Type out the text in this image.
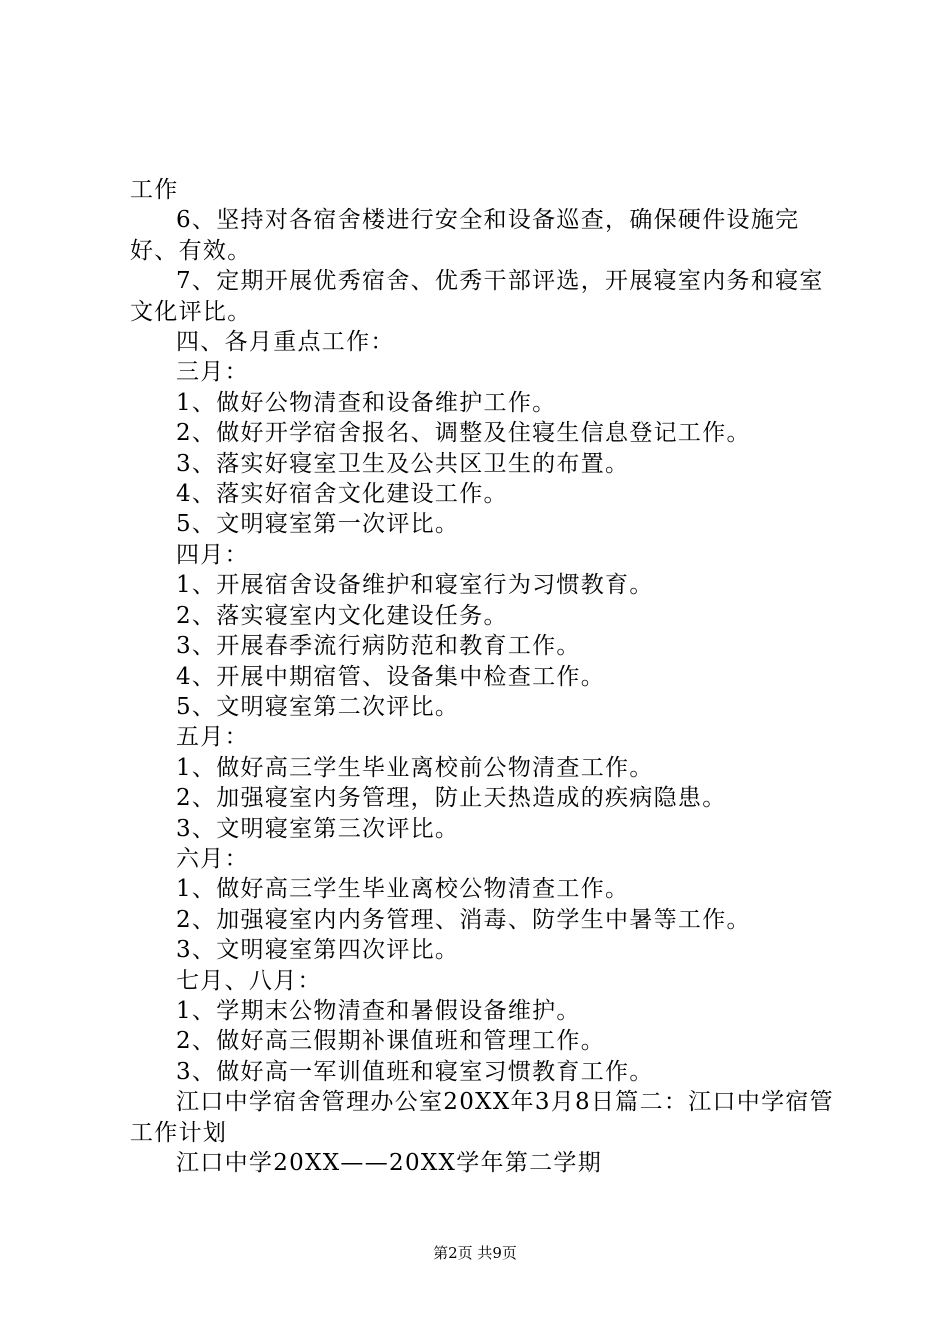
工作

6、坚持对各宿舍楼进行安全和设备巡查，确保硬件设施完好、有效。

7、定期开展优秀宿舍、优秀干部评选，开展寝室内务和寝室文化评比。

四、各月重点工作：

三月：

1、做好公物清查和设备维护工作。

2、做好开学宿舍报名、调整及住寝生信息登记工作。

3、落实好寝室卫生及公共区卫生的布置。

4、落实好宿舍文化建设工作。

5、文明寝室第一次评比。

四月：

1、开展宿舍设备维护和寝室行为习惯教育。

2、落实寝室内文化建设任务。

3、开展春季流行病防范和教育工作。

4、开展中期宿管、设备集中检查工作。

5、文明寝室第二次评比。

五月：

1、做好高三学生毕业离校前公物清查工作。

2、加强寝室内务管理，防止天热造成的疾病隐患。

3、文明寝室第三次评比。

六月：

1、做好高三学生毕业离校公物清查工作。

2、加强寝室内内务管理、消毒、防学生中暑等工作。

3、文明寝室第四次评比。

七月、八月：

1、学期末公物清查和暑假设备维护。

2、做好高三假期补课值班和管理工作。

3、做好高一军训值班和寝室习惯教育工作。

江口中学宿舍管理办公室20XX年3月8日篇二：江口中学宿管工作计划

江口中学20XX——20XX学年第二学期

第2页 共9页
